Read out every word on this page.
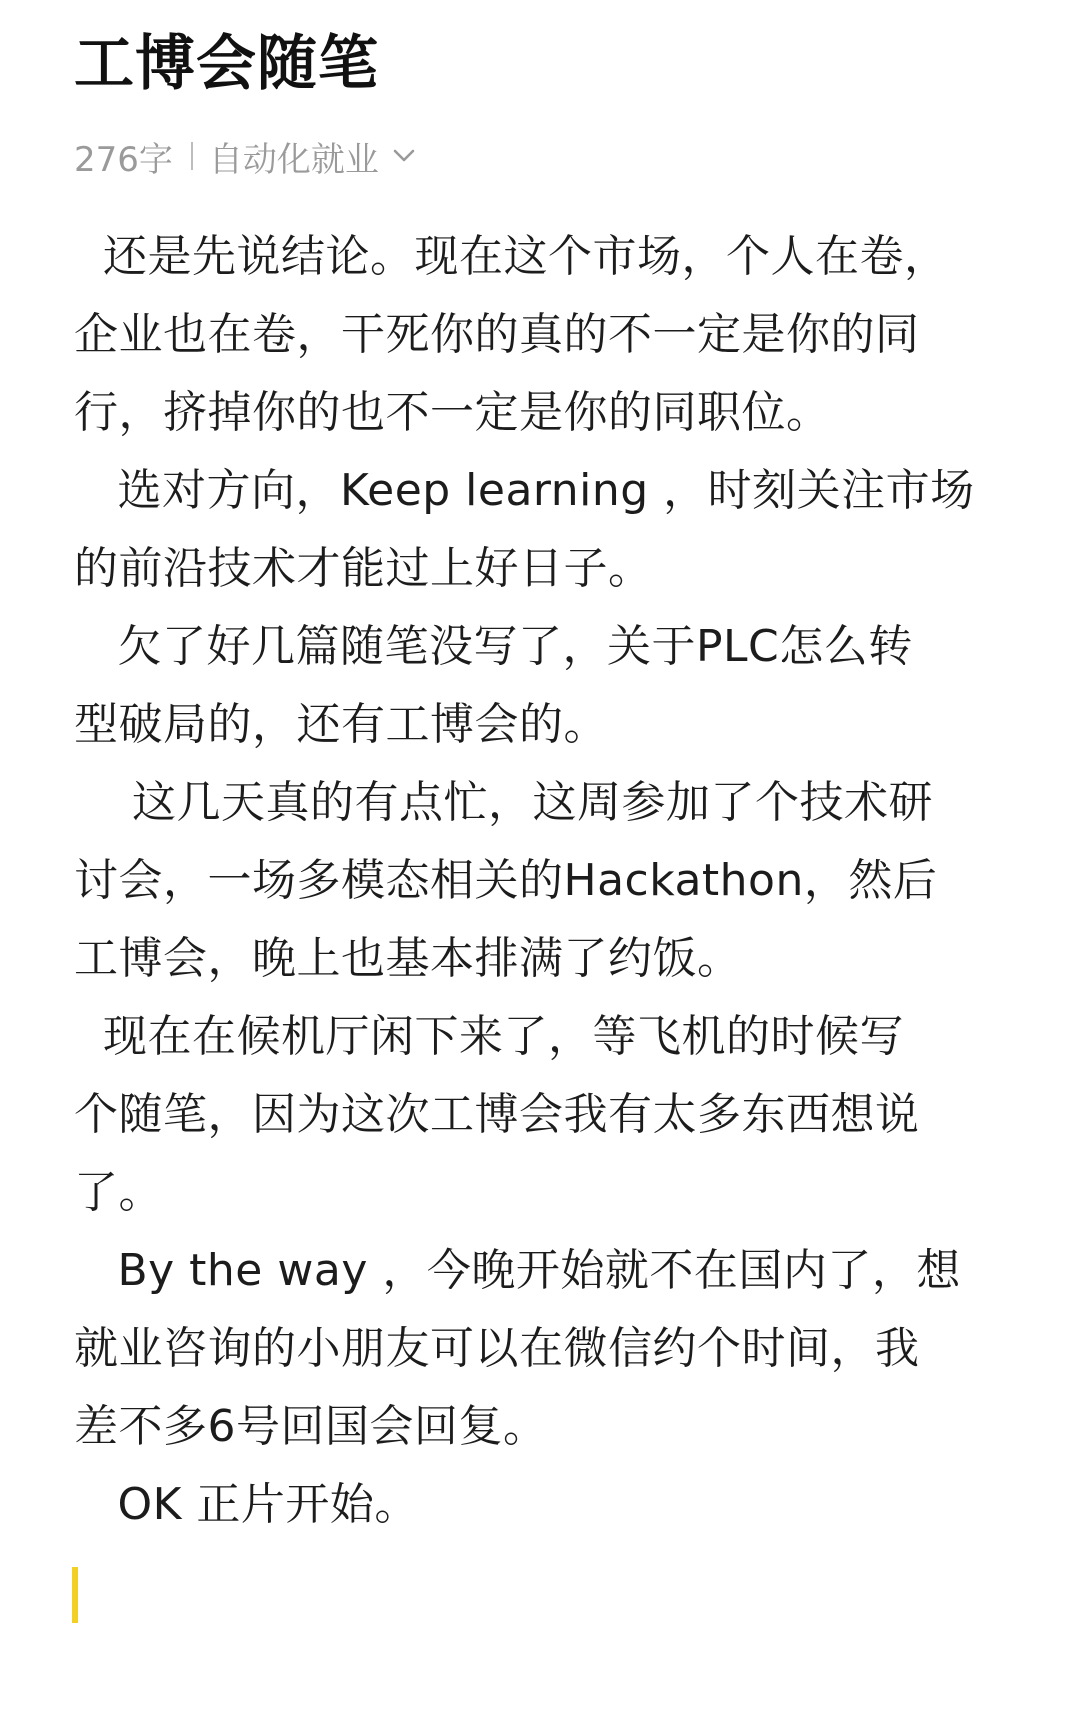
工博会随笔
276字 自动化就业
还是先说结论。现在这个市场，个人在卷，
企业也在卷，干死你的真的不一定是你的同
行，挤掉你的也不一定是你的同职位。
选对方向，Keep learning ，时刻关注市场
的前沿技术才能过上好日子。
欠了好几篇随笔没写了，关于PLC怎么转
型破局的，还有工博会的。
这几天真的有点忙，这周参加了个技术研
讨会，一场多模态相关的Hackathon，然后
工博会，晚上也基本排满了约饭。
现在在候机厅闲下来了，等飞机的时候写
个随笔，因为这次工博会我有太多东西想说
了。
By the way ，今晚开始就不在国内了，想
就业咨询的小朋友可以在微信约个时间，我
差不多6号回国会回复。
OK 正片开始。
